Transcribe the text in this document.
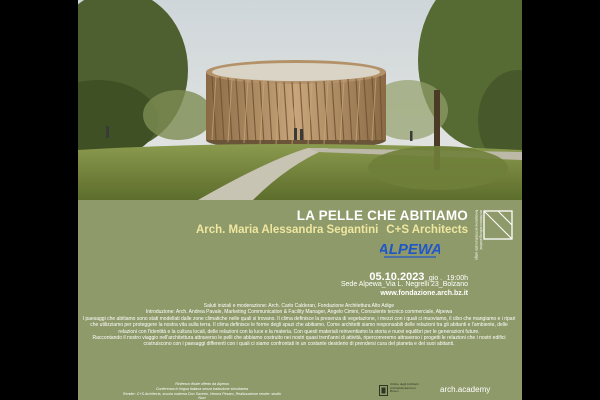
LA PELLE CHE ABITIAMO
Arch. Maria Alessandra Segantini C+S Architects
ALPEWA
05.10.2023 gio . 19:00h
Sede Alpewa_Via L. Negrelli 23_Bolzano
www.fondazione.arch.bz.it

Saluti iniziali e moderazione: Arch. Carlo Calderan, Fondazione Architettura Alto Adige

Introduzione: Arch. Andrea Pavale, Marketing Communication & Facility Manager, Angelo Cimini, Consulente tecnico commerciale, Alpewa

I paesaggi che abitiamo sono stati modellati dalle zone climatiche nelle quali si trovano. Il clima definisce la presenza di vegetazione, i mezzi con i quali ci muoviamo, il cibo che mangiamo e i ripari che utilizziamo per proteggere la nostra vita sulla terra. Il clima definisce le forme degli spazi che abitiamo. Come architetti siamo responsabili delle relazioni tra gli abitanti e l'ambiente, delle relazioni con l'identità e la cultura locali, delle relazioni con la luce e la materia. Con questi materiali reinventiamo la storia e nuovi equilibri per le generazioni future.

Raccontando il nostro viaggio nell'architettura attraverso le pelli che abbiamo costruito nei nostri quasi trent'anni di attività, ripercorreremo attraverso i progetti le relazioni che i nostri edifici costruiscono con i paesaggi differenti con i quali ci siamo confrontati in un costante desiderio di prendersi cura del pianeta e dei suoi abitanti.

Rinfresco finale offerto da Alpewa

Conferenza in lingua italiana senza traduzione simultanea

Render: C+S Architects, scuola materna Don Saverio, Verona Pesaro_Realizzazione render: studio Nuvi

Ordine degli Architetti

Architektenkammer

Bozen	arch.academy

architektur.stiftung.südtirol

fondazione architettura alto adige
